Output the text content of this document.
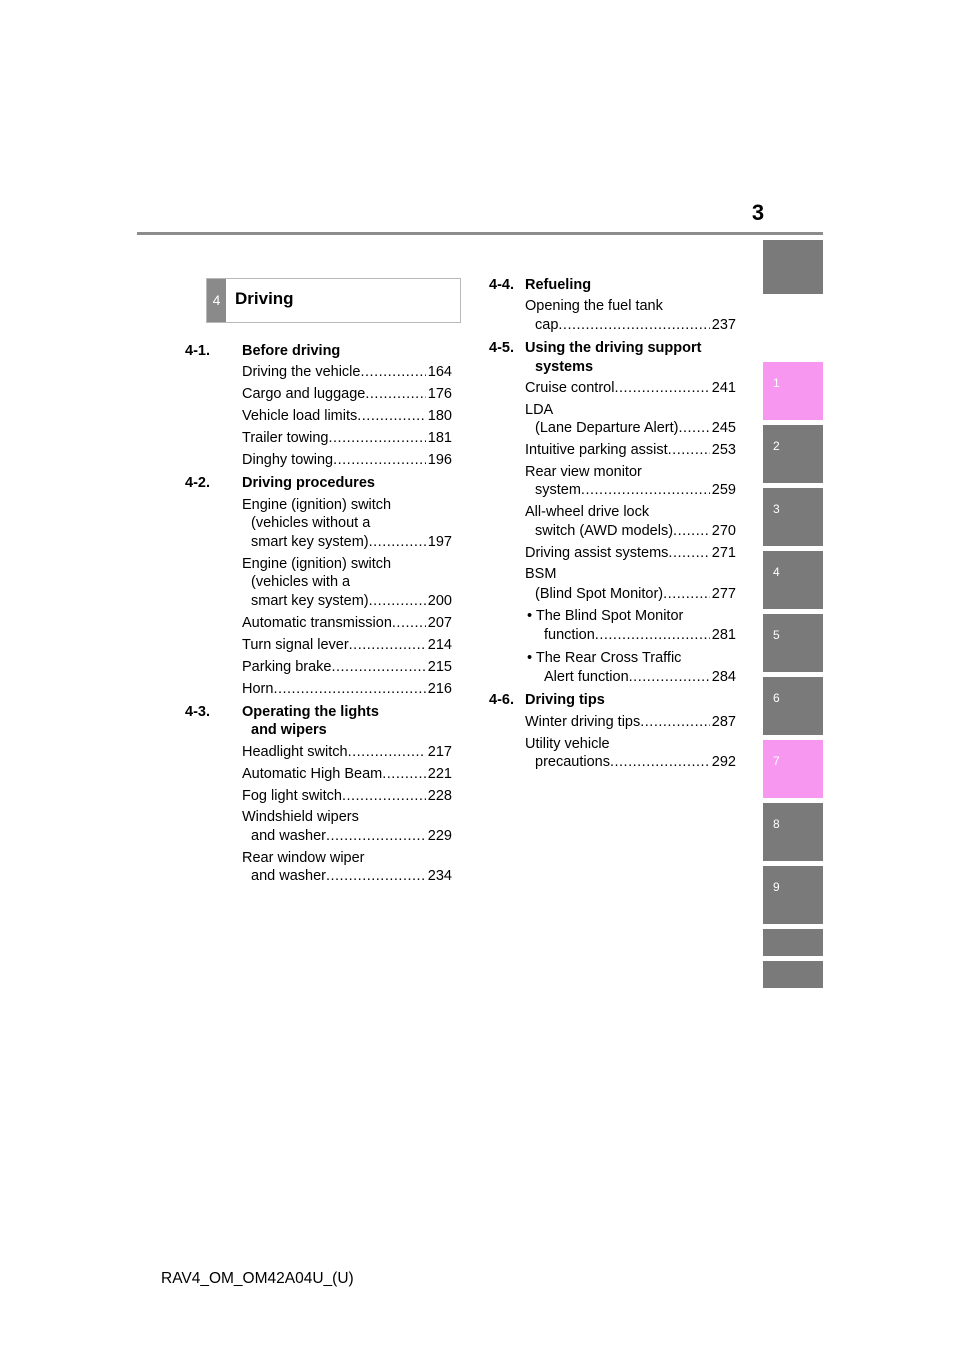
3
1
2
3
4
5
6
7
8
9
4 Driving
4-1. Before driving
Driving the vehicle .....	164
Cargo and luggage .....	176
Vehicle load limits .....	180
Trailer towing .....	181
Dinghy towing .....	196
4-2. Driving procedures
Engine (ignition) switch
(vehicles without a
smart key system) .....	197
Engine (ignition) switch
(vehicles with a
smart key system) .....	200
Automatic transmission ..... 207
Turn signal lever .....	214
Parking brake .....	215
Horn .....	216
4-3. Operating the lights
and wipers
Headlight switch .....	217
Automatic High Beam .....	221
Fog light switch .....	228
Windshield wipers
and washer .....	229
Rear window wiper
and washer .....	234
4-4. Refueling
Opening the fuel tank
cap .....	237
4-5. Using the driving support
systems
Cruise control .....	241
LDA
(Lane Departure Alert) ..... 245
Intuitive parking assist .....	253
Rear view monitor
system .....	259
All-wheel drive lock
switch (AWD models) .....	270
Driving assist systems .....	271
BSM
(Blind Spot Monitor) .....	277
• The Blind Spot Monitor
function .....	281
• The Rear Cross Traffic
Alert function .....	284
4-6. Driving tips
Winter driving tips .....	287
Utility vehicle
precautions .....	292
RAV4_OM_OM42A04U_(U)
